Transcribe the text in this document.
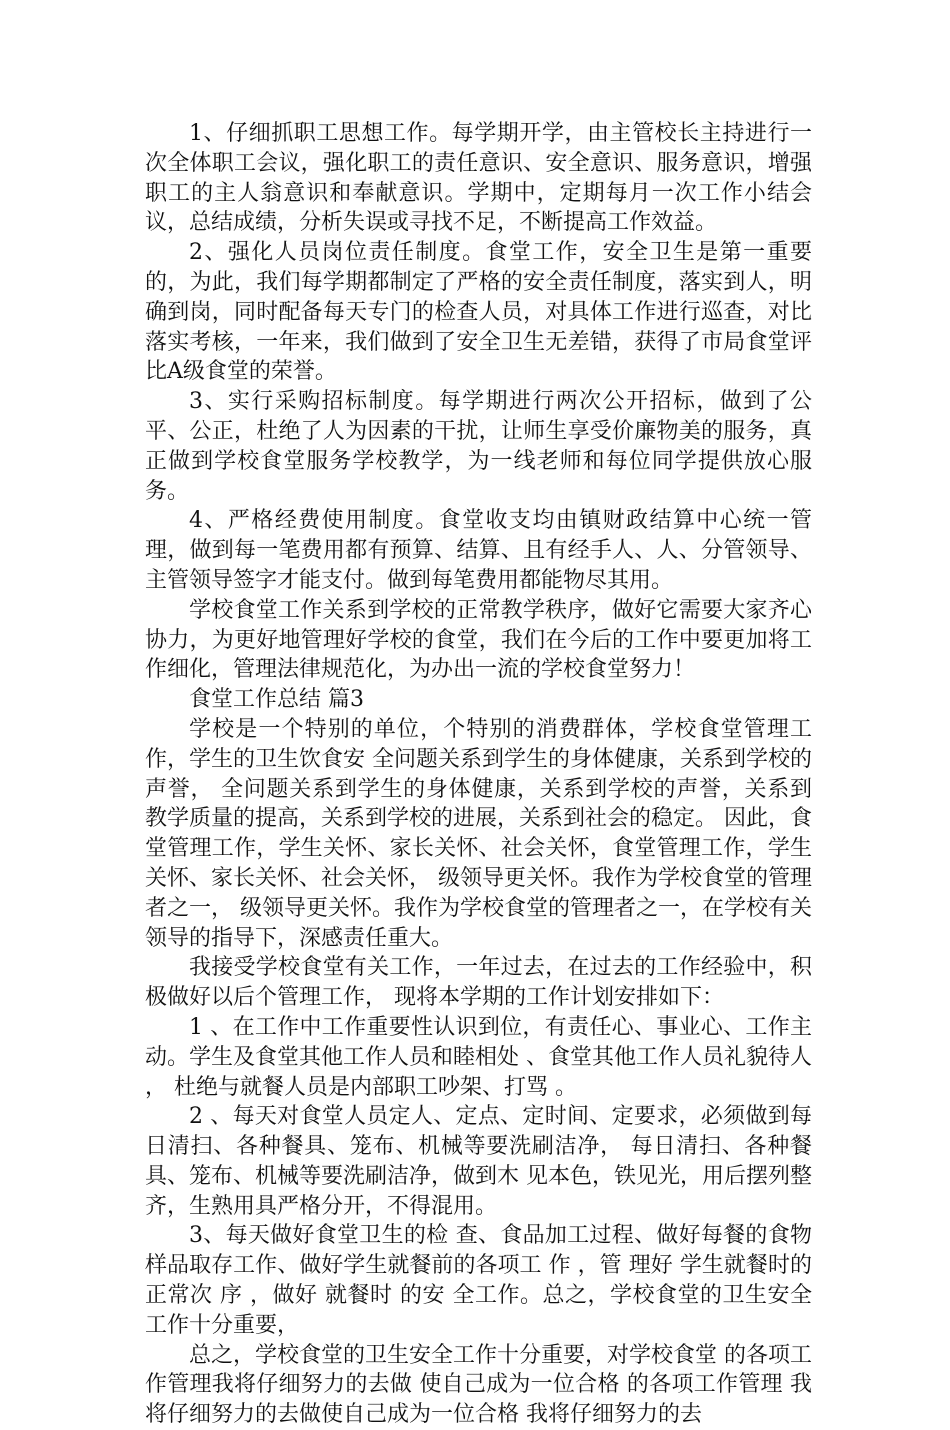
1、仔细抓职工思想工作。每学期开学，由主管校长主持进行一次全体职工会议，强化职工的责任意识、安全意识、服务意识，增强职工的主人翁意识和奉献意识。学期中，定期每月一次工作小结会议，总结成绩，分析失误或寻找不足，不断提高工作效益。

2、强化人员岗位责任制度。食堂工作，安全卫生是第一重要的，为此，我们每学期都制定了严格的安全责任制度，落实到人，明确到岗，同时配备每天专门的检查人员，对具体工作进行巡查，对比落实考核，一年来，我们做到了安全卫生无差错，获得了市局食堂评比A级食堂的荣誉。

3、实行采购招标制度。每学期进行两次公开招标，做到了公平、公正，杜绝了人为因素的干扰，让师生享受价廉物美的服务，真正做到学校食堂服务学校教学，为一线老师和每位同学提供放心服务。

4、严格经费使用制度。食堂收支均由镇财政结算中心统一管理，做到每一笔费用都有预算、结算、且有经手人、人、分管领导、主管领导签字才能支付。做到每笔费用都能物尽其用。

学校食堂工作关系到学校的正常教学秩序，做好它需要大家齐心协力，为更好地管理好学校的食堂，我们在今后的工作中要更加将工作细化，管理法律规范化，为办出一流的学校食堂努力！

食堂工作总结 篇3

学校是一个特别的单位，个特别的消费群体，学校食堂管理工作，学生的卫生饮食安 全问题关系到学生的身体健康，关系到学校的声誉， 全问题关系到学生的身体健康，关系到学校的声誉，关系到 教学质量的提高，关系到学校的进展，关系到社会的稳定。 因此，食堂管理工作，学生关怀、家长关怀、社会关怀，食堂管理工作，学生关怀、家长关怀、社会关怀， 级领导更关怀。我作为学校食堂的管理者之一， 级领导更关怀。我作为学校食堂的管理者之一，在学校有关领导的指导下，深感责任重大。

我接受学校食堂有关工作，一年过去，在过去的工作经验中，积极做好以后个管理工作， 现将本学期的工作计划安排如下：

1 、在工作中工作重要性认识到位，有责任心、事业心、工作主动。学生及食堂其他工作人员和睦相处 、食堂其他工作人员礼貌待人 ， 杜绝与就餐人员是内部职工吵架、打骂 。

2 、每天对食堂人员定人、定点、定时间、定要求，必须做到每日清扫、各种餐具、笼布、机械等要洗刷洁净， 每日清扫、各种餐具、笼布、机械等要洗刷洁净，做到木 见本色，铁见光，用后摆列整齐，生熟用具严格分开，不得混用。

3、每天做好食堂卫生的检 查、食品加工过程、做好每餐的食物样品取存工作、做好学生就餐前的各项工 作 ，管 理好 学生就餐时的 正常次 序 ，做好 就餐时 的安 全工作。总之，学校食堂的卫生安全工作十分重要，

总之，学校食堂的卫生安全工作十分重要，对学校食堂 的各项工作管理我将仔细努力的去做 使自己成为一位合格 的各项工作管理 我将仔细努力的去做使自己成为一位合格 我将仔细努力的去
